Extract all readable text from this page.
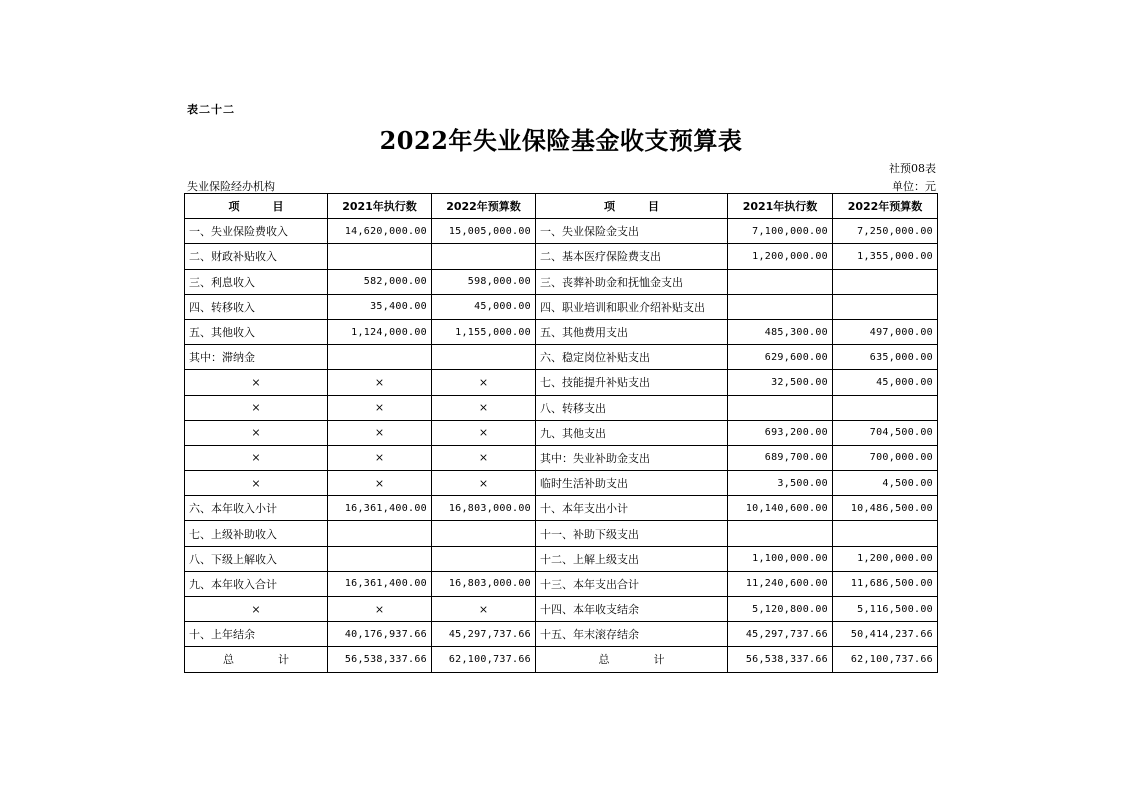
表二十二
2022年失业保险基金收支预算表
社预08表
失业保险经办机构	单位：元
项　　　目	2021年执行数	2022年预算数	项　　　目	2021年执行数	2022年预算数
一、失业保险费收入	14,620,000.00	15,005,000.00	一、失业保险金支出	7,100,000.00	7,250,000.00
二、财政补贴收入			二、基本医疗保险费支出	1,200,000.00	1,355,000.00
三、利息收入	582,000.00	598,000.00	三、丧葬补助金和抚恤金支出		
四、转移收入	35,400.00	45,000.00	四、职业培训和职业介绍补贴支出		
五、其他收入	1,124,000.00	1,155,000.00	五、其他费用支出	485,300.00	497,000.00
其中：滞纳金			六、稳定岗位补贴支出	629,600.00	635,000.00
×	×	×	七、技能提升补贴支出	32,500.00	45,000.00
×	×	×	八、转移支出		
×	×	×	九、其他支出	693,200.00	704,500.00
×	×	×	其中：失业补助金支出	689,700.00	700,000.00
×	×	×	临时生活补助支出	3,500.00	4,500.00
六、本年收入小计	16,361,400.00	16,803,000.00	十、本年支出小计	10,140,600.00	10,486,500.00
七、上级补助收入			十一、补助下级支出		
八、下级上解收入			十二、上解上级支出	1,100,000.00	1,200,000.00
九、本年收入合计	16,361,400.00	16,803,000.00	十三、本年支出合计	11,240,600.00	11,686,500.00
×	×	×	十四、本年收支结余	5,120,800.00	5,116,500.00
十、上年结余	40,176,937.66	45,297,737.66	十五、年末滚存结余	45,297,737.66	50,414,237.66
总　　　　计	56,538,337.66	62,100,737.66	总　　　　计	56,538,337.66	62,100,737.66
